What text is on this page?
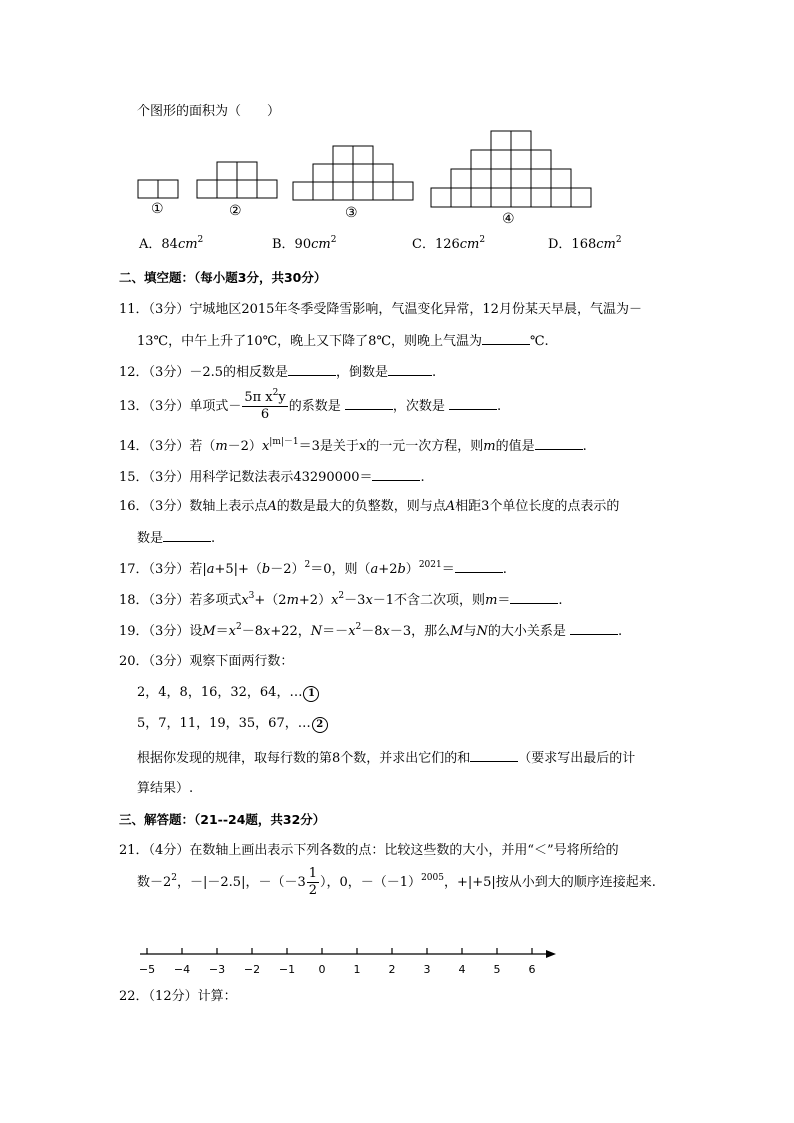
个图形的面积为（　　）
①	②	③	④
A．$84cm^2$	B．$90cm^2$	C．$126cm^2$	D．$168cm^2$
二、填空题：（每小题3分，共30分）
11．（3分）宁城地区2015年冬季受降雪影响，气温变化异常，12月份某天早晨，气温为－
13℃，中午上升了10℃，晚上又下降了8℃，则晚上气温为	℃.
12．（3分）－2.5的相反数是	，倒数是	.
13．（3分）单项式－ $\frac{5\pi x^2y}{6}$ 的系数是	，次数是	.
14．（3分）若$(m-2)x^{|m|-1}=3$是关于x的一元一次方程，则m的值是	.
15．（3分）用科学记数法表示43290000＝	.
16．（3分）数轴上表示点A的数是最大的负整数，则与点A相距3个单位长度的点表示的
数是	.
17．（3分）若$|a+5|+(b-2)^2=0$，则$(a+2b)^{2021}=$	.
18．（3分）若多项式$x^3+(2m+2)x^2-3x-1$不含二次项，则m＝	.
19．（3分）设$M=x^2-8x+22$，$N=-x^2-8x-3$，那么M与N的大小关系是	.
20．（3分）观察下面两行数：
2，4，8，16，32，64，… 1
5，7，11，19，35，67，… 2
根据你发现的规律，取每行数的第8个数，并求出它们的和	（要求写出最后的计
算结果）.
三、解答题：（21--24题，共32分）
21．（4分）在数轴上画出表示下列各数的点：比较这些数的大小，并用“＜”号将所给的
数$-2^2$，－|－2.5|，$-(-3 \frac{1}{2}$ ），0，$-(-1)^{2005}$，+|+5|按从小到大的顺序连接起来.
−5 −4 −3 −2 −1 0	1	2	3	4	5	6
22．（12分）计算：
